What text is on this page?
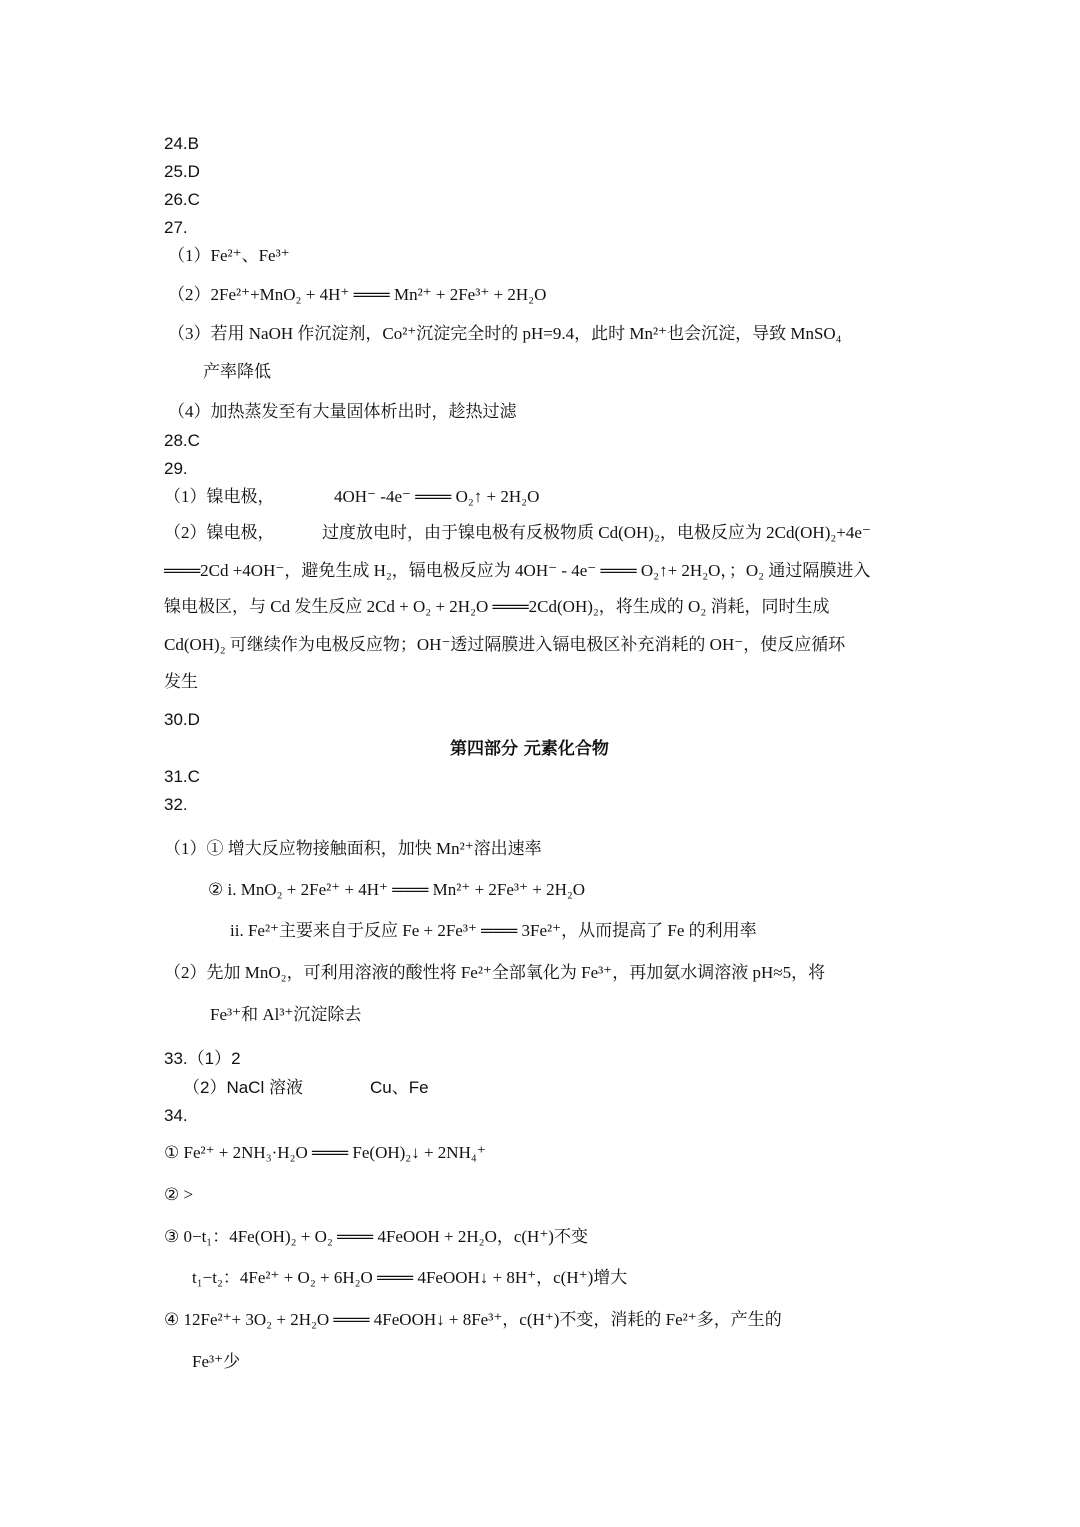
24.B
25.D
26.C
27.
（1）Fe²⁺、Fe³⁺
（2）2Fe²⁺+MnO₂ + 4H⁺ ═══ Mn²⁺ + 2Fe³⁺ + 2H₂O
（3）若用 NaOH 作沉淀剂，Co²⁺沉淀完全时的 pH=9.4，此时 Mn²⁺也会沉淀，导致 MnSO₄
产率降低
（4）加热蒸发至有大量固体析出时，趁热过滤
28.C
29.
（1）镍电极，	4OH⁻ -4e⁻ ═══ O₂↑ + 2H₂O
（2）镍电极，	过度放电时，由于镍电极有反极物质 Cd(OH)₂，电极反应为 2Cd(OH)₂+4e⁻
═══2Cd +4OH⁻，避免生成 H₂，镉电极反应为 4OH⁻ - 4e⁻ ═══ O₂↑+ 2H₂O，；O₂ 通过隔膜进入
镍电极区，与 Cd 发生反应 2Cd + O₂ + 2H₂O ═══2Cd(OH)₂，将生成的 O₂ 消耗，同时生成
Cd(OH)₂ 可继续作为电极反应物；OH⁻透过隔膜进入镉电极区补充消耗的 OH⁻，使反应循环
发生
30.D
第四部分 元素化合物
31.C
32.
（1）① 增大反应物接触面积，加快 Mn²⁺溶出速率
② i. MnO₂ + 2Fe²⁺ + 4H⁺ ═══ Mn²⁺ + 2Fe³⁺ + 2H₂O
ii. Fe²⁺主要来自于反应 Fe + 2Fe³⁺ ═══ 3Fe²⁺，从而提高了 Fe 的利用率
（2）先加 MnO₂，可利用溶液的酸性将 Fe²⁺全部氧化为 Fe³⁺，再加氨水调溶液 pH≈5，将
Fe³⁺和 Al³⁺沉淀除去
33.（1）2
（2）NaCl 溶液	Cu、Fe
34.
① Fe²⁺ + 2NH₃·H₂O ═══ Fe(OH)₂↓ + 2NH₄⁺
② >
③ 0−t₁：4Fe(OH)₂ + O₂ ═══ 4FeOOH + 2H₂O，c(H⁺)不变
t₁−t₂：4Fe²⁺ + O₂ + 6H₂O ═══ 4FeOOH↓ + 8H⁺，c(H⁺)增大
④ 12Fe²⁺+ 3O₂ + 2H₂O ═══ 4FeOOH↓ + 8Fe³⁺，c(H⁺)不变，消耗的 Fe²⁺多，产生的
Fe³⁺少
